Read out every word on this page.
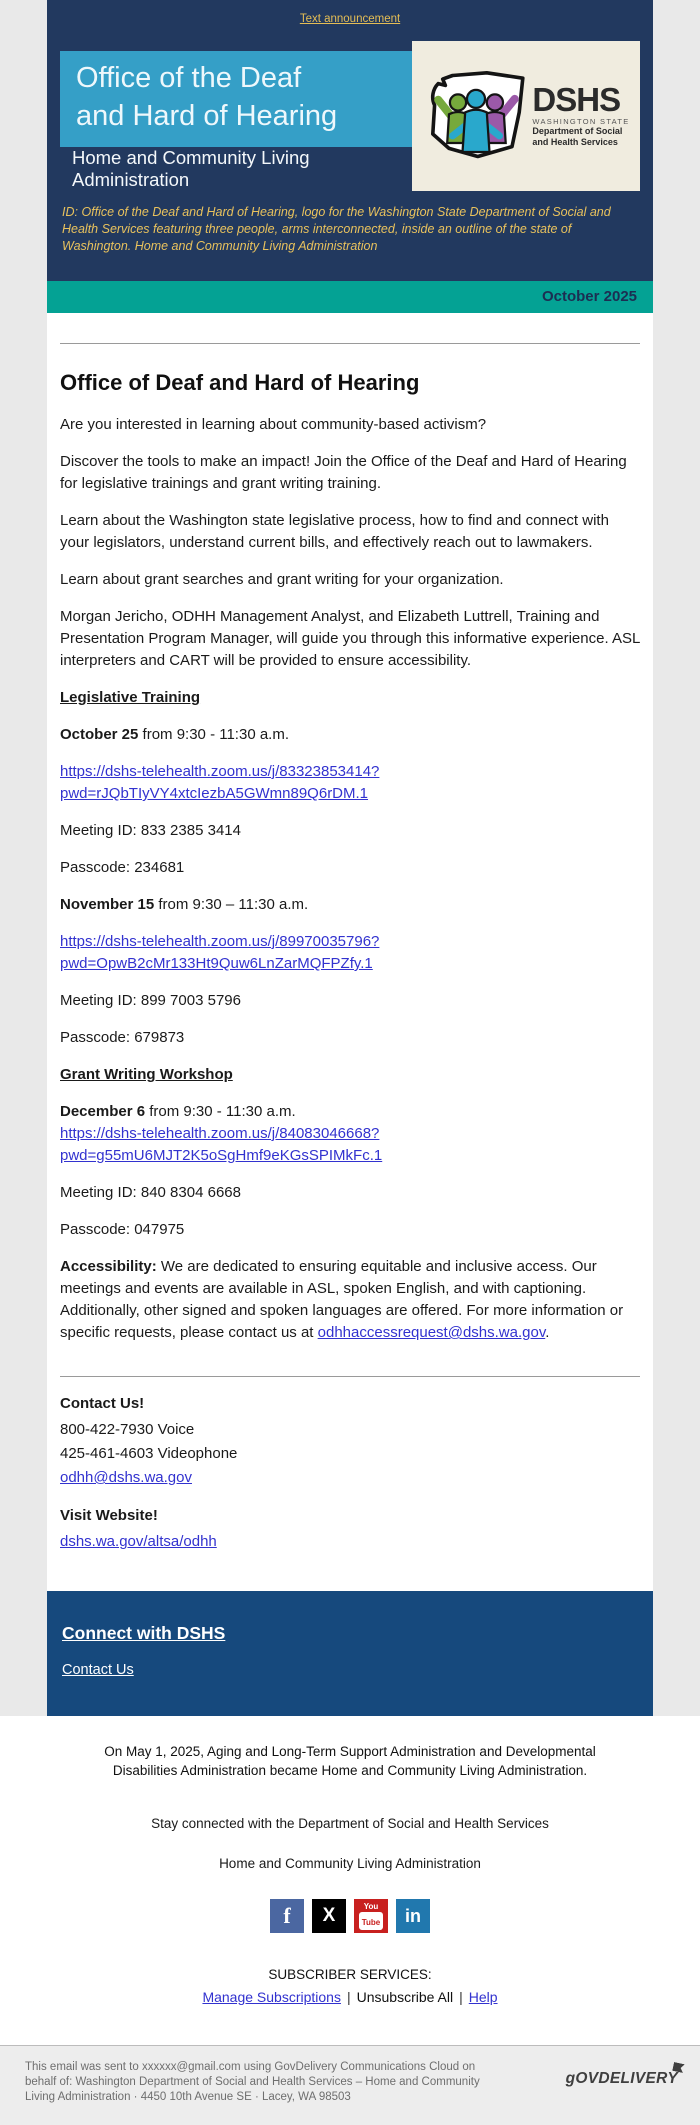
Text announcement
Office of the Deaf
and Hard of Hearing
Home and Community Living Administration
DSHS
WASHINGTON STATE
Department of Social
and Health Services
ID: Office of the Deaf and Hard of Hearing, logo for the Washington State Department of Social and Health Services featuring three people, arms interconnected, inside an outline of the state of Washington. Home and Community Living Administration
October 2025
Office of Deaf and Hard of Hearing

Are you interested in learning about community-based activism?

Discover the tools to make an impact! Join the Office of the Deaf and Hard of Hearing for legislative trainings and grant writing training.

Learn about the Washington state legislative process, how to find and connect with your legislators, understand current bills, and effectively reach out to lawmakers.

Learn about grant searches and grant writing for your organization.

Morgan Jericho, ODHH Management Analyst, and Elizabeth Luttrell, Training and Presentation Program Manager, will guide you through this informative experience. ASL interpreters and CART will be provided to ensure accessibility.

Legislative Training

October 25 from 9:30 - 11:30 a.m.

https://dshs-telehealth.zoom.us/j/83323853414?
pwd=rJQbTIyVY4xtcIezbA5GWmn89Q6rDM.1

Meeting ID: 833 2385 3414

Passcode: 234681

November 15 from 9:30 – 11:30 a.m.

https://dshs-telehealth.zoom.us/j/89970035796?
pwd=OpwB2cMr133Ht9Quw6LnZarMQFPZfy.1

Meeting ID: 899 7003 5796

Passcode: 679873

Grant Writing Workshop

December 6 from 9:30 - 11:30 a.m.

https://dshs-telehealth.zoom.us/j/84083046668?
pwd=g55mU6MJT2K5oSgHmf9eKGsSPIMkFc.1

Meeting ID: 840 8304 6668

Passcode: 047975

Accessibility: We are dedicated to ensuring equitable and inclusive access. Our meetings and events are available in ASL, spoken English, and with captioning. Additionally, other signed and spoken languages are offered. For more information or specific requests, please contact us at odhhaccessrequest@dshs.wa.gov.

Contact Us!

800-422-7930 Voice

425-461-4603 Videophone

odhh@dshs.wa.gov

Visit Website!

dshs.wa.gov/altsa/odhh

Connect with DSHS
Contact Us
On May 1, 2025, Aging and Long-Term Support Administration and Developmental Disabilities Administration became Home and Community Living Administration.
Stay connected with the Department of Social and Health Services
Home and Community Living Administration
f X	You
Tube in
SUBSCRIBER SERVICES:
Manage Subscriptions | Unsubscribe All | Help
This email was sent to xxxxxx@gmail.com using GovDelivery Communications Cloud on behalf of: Washington Department of Social and Health Services – Home and Community Living Administration · 4450 10th Avenue SE · Lacey, WA 98503
gOVDELIVERY
